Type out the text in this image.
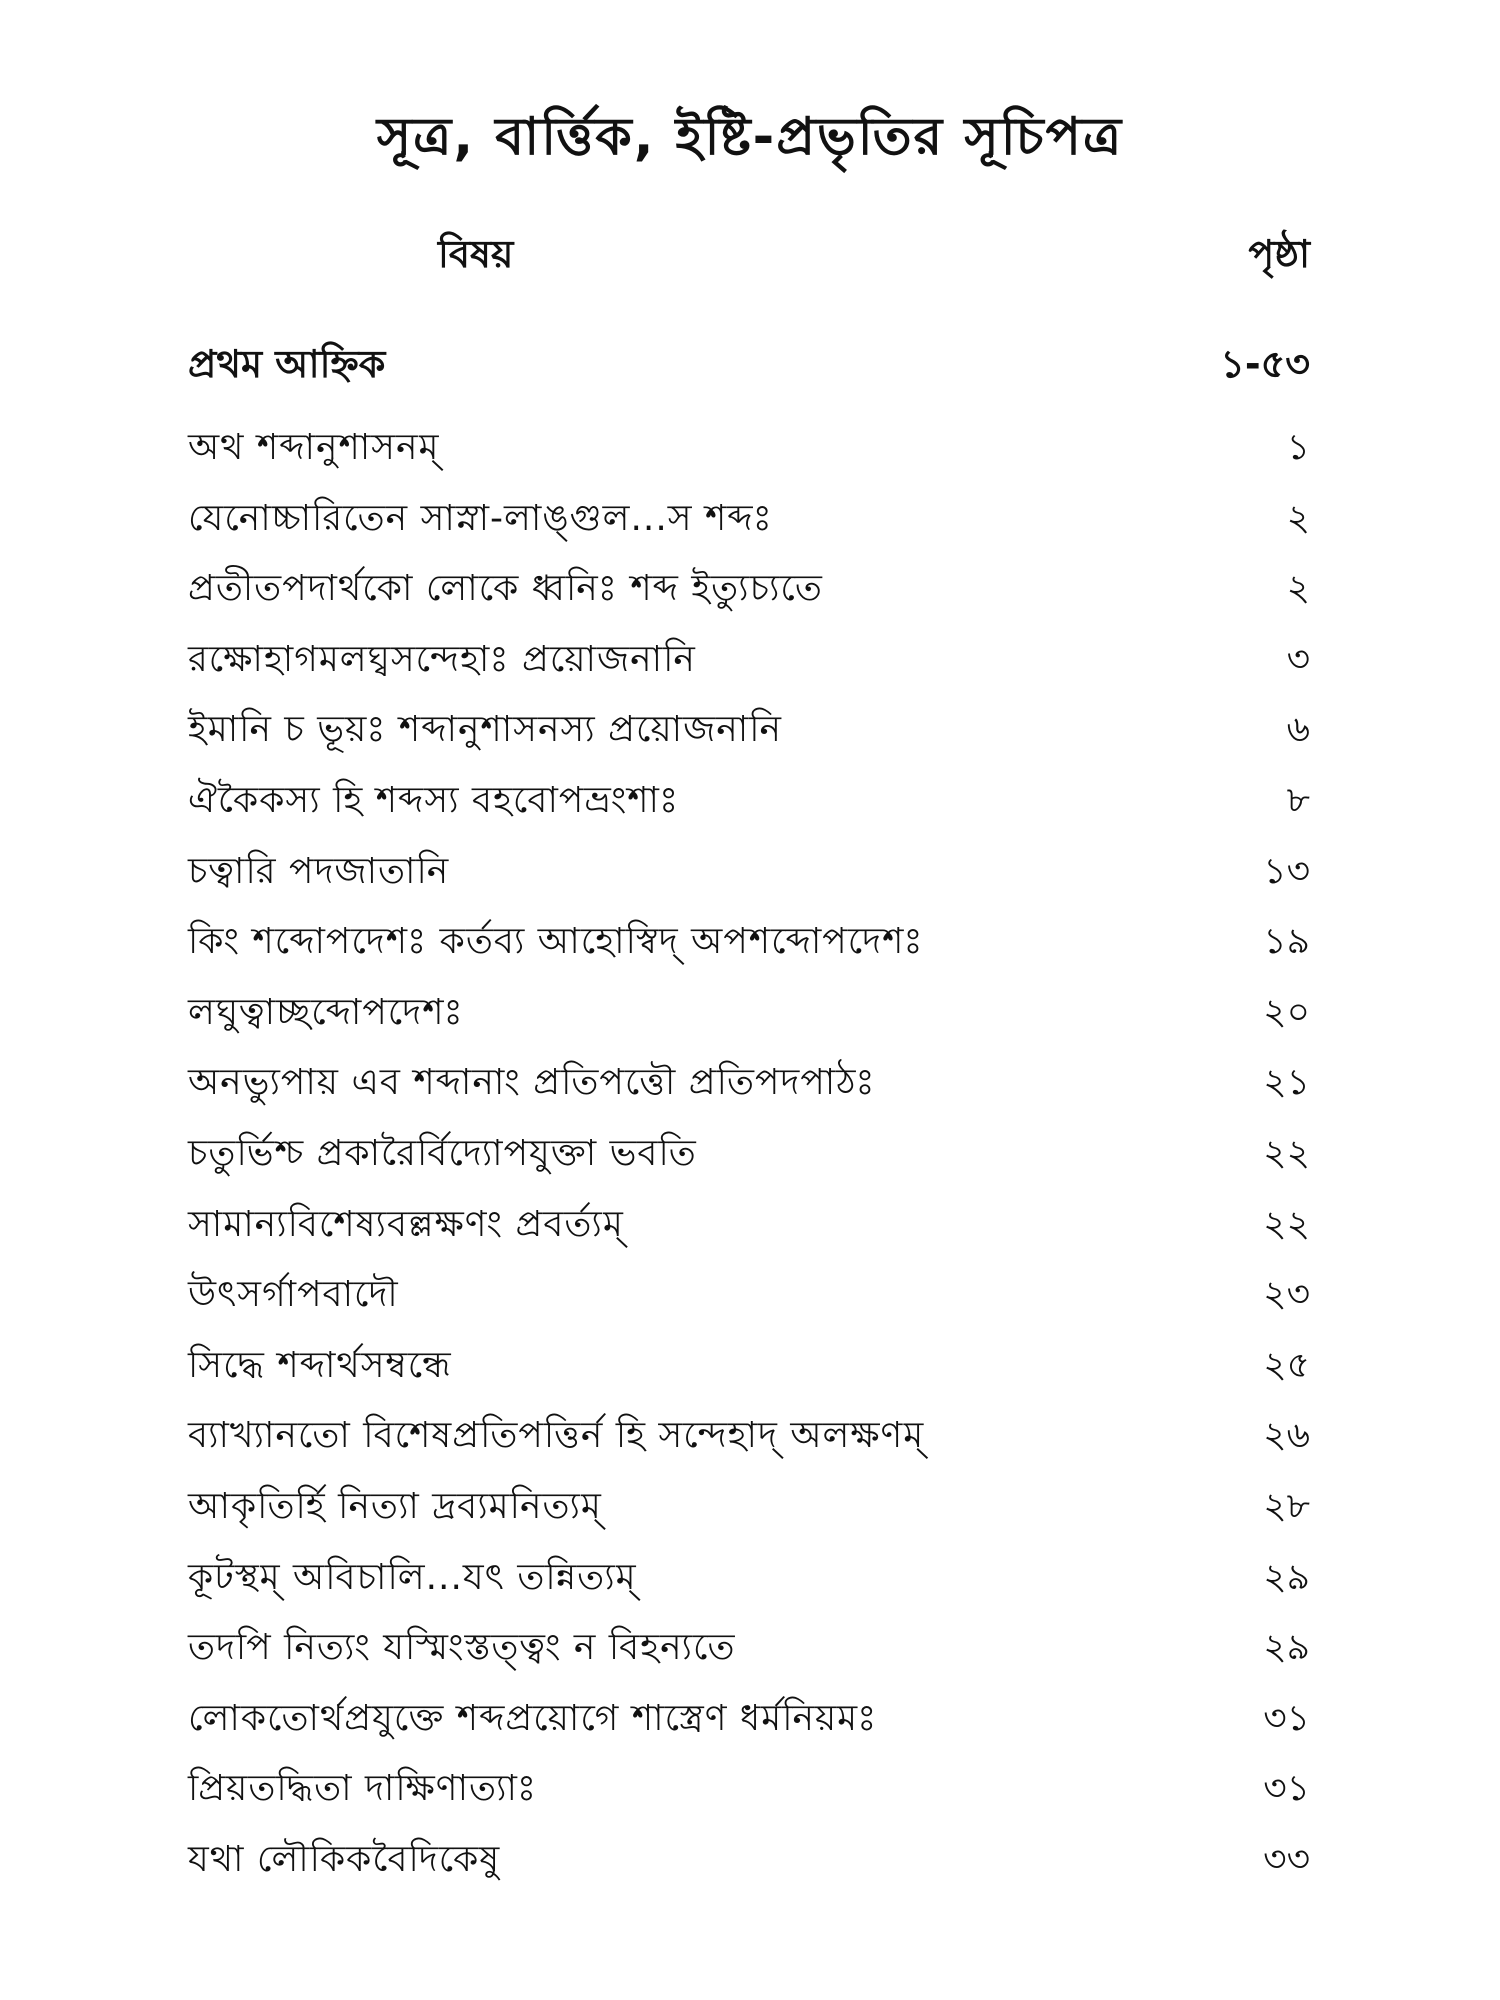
সূত্র, বার্ত্তিক, ইষ্টি-প্রভৃতির সূচিপত্র
বিষয়	পৃষ্ঠা
প্রথম আহ্নিক	১-৫৩
অথ শব্দানুশাসনম্	১
যেনোচ্চারিতেন সাস্না-লাঙ্গুল...স শব্দঃ	২
প্রতীতপদার্থকো লোকে ধ্বনিঃ শব্দ ইত্যুচ্যতে	২
রক্ষোহাগমলঘ্বসন্দেহাঃ প্রয়োজনানি	৩
ইমানি চ ভূয়ঃ শব্দানুশাসনস্য প্রয়োজনানি	৬
ঐকৈকস্য হি শব্দস্য বহবোপভ্রংশাঃ	৮
চত্বারি পদজাতানি	১৩
কিং শব্দোপদেশঃ কর্তব্য আহোস্বিদ্ অপশব্দোপদেশঃ	১৯
লঘুত্বাচ্ছব্দোপদেশঃ	২০
অনভ্যুপায় এব শব্দানাং প্রতিপত্তৌ প্রতিপদপাঠঃ	২১
চতুর্ভিশ্চ প্রকারৈর্বিদ্যোপযুক্তা ভবতি	২২
সামান্যবিশেষ্যবল্লক্ষণং প্রবর্ত্যম্	২২
উৎসর্গাপবাদৌ	২৩
সিদ্ধে শব্দার্থসম্বন্ধে	২৫
ব্যাখ্যানতো বিশেষপ্রতিপত্তির্ন হি সন্দেহাদ্ অলক্ষণম্	২৬
আকৃতির্হি নিত্যা দ্রব্যমনিত্যম্	২৮
কূটস্থম্ অবিচালি...যৎ তন্নিত্যম্	২৯
তদপি নিত্যং যস্মিংস্তত্ত্বং ন বিহন্যতে	২৯
লোকতোর্থপ্রযুক্তে শব্দপ্রয়োগে শাস্ত্রেণ ধর্মনিয়মঃ	৩১
প্রিয়তদ্ধিতা দাক্ষিণাত্যাঃ	৩১
যথা লৌকিকবৈদিকেষু	৩৩
